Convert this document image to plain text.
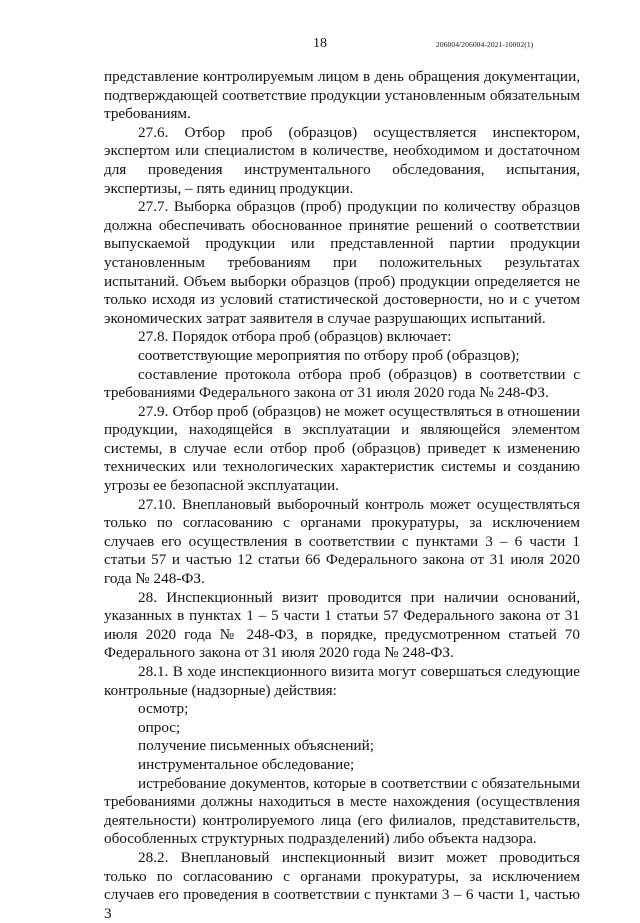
18	206004/206004-2021-10002(1)

представление контролируемым лицом в день обращения документации, подтверждающей соответствие продукции установленным обязательным требованиям.

27.6. Отбор проб (образцов) осуществляется инспектором, экспертом или специалистом в количестве, необходимом и достаточном для проведения инструментального обследования, испытания, экспертизы, – пять единиц продукции.

27.7. Выборка образцов (проб) продукции по количеству образцов должна обеспечивать обоснованное принятие решений о соответствии выпускаемой продукции или представленной партии продукции установленным требованиям при положительных результатах испытаний. Объем выборки образцов (проб) продукции определяется не только исходя из условий статистической достоверности, но и с учетом экономических затрат заявителя в случае разрушающих испытаний.

27.8. Порядок отбора проб (образцов) включает:

соответствующие мероприятия по отбору проб (образцов);

составление протокола отбора проб (образцов) в соответствии с требованиями Федерального закона от 31 июля 2020 года № 248-ФЗ.

27.9. Отбор проб (образцов) не может осуществляться в отношении продукции, находящейся в эксплуатации и являющейся элементом системы, в случае если отбор проб (образцов) приведет к изменению технических или технологических характеристик системы и созданию угрозы ее безопасной эксплуатации.

27.10. Внеплановый выборочный контроль может осуществляться только по согласованию с органами прокуратуры, за исключением случаев его осуществления в соответствии с пунктами 3 – 6 части 1 статьи 57 и частью 12 статьи 66 Федерального закона от 31 июля 2020 года № 248-ФЗ.

28. Инспекционный визит проводится при наличии оснований, указанных в пунктах 1 – 5 части 1 статьи 57 Федерального закона от 31 июля 2020 года № 248-ФЗ, в порядке, предусмотренном статьей 70 Федерального закона от 31 июля 2020 года № 248-ФЗ.

28.1. В ходе инспекционного визита могут совершаться следующие контрольные (надзорные) действия:

осмотр;

опрос;

получение письменных объяснений;

инструментальное обследование;

истребование документов, которые в соответствии с обязательными требованиями должны находиться в месте нахождения (осуществления деятельности) контролируемого лица (его филиалов, представительств, обособленных структурных подразделений) либо объекта надзора.

28.2. Внеплановый инспекционный визит может проводиться только по согласованию с органами прокуратуры, за исключением случаев его проведения в соответствии с пунктами 3 – 6 части 1, частью 3
